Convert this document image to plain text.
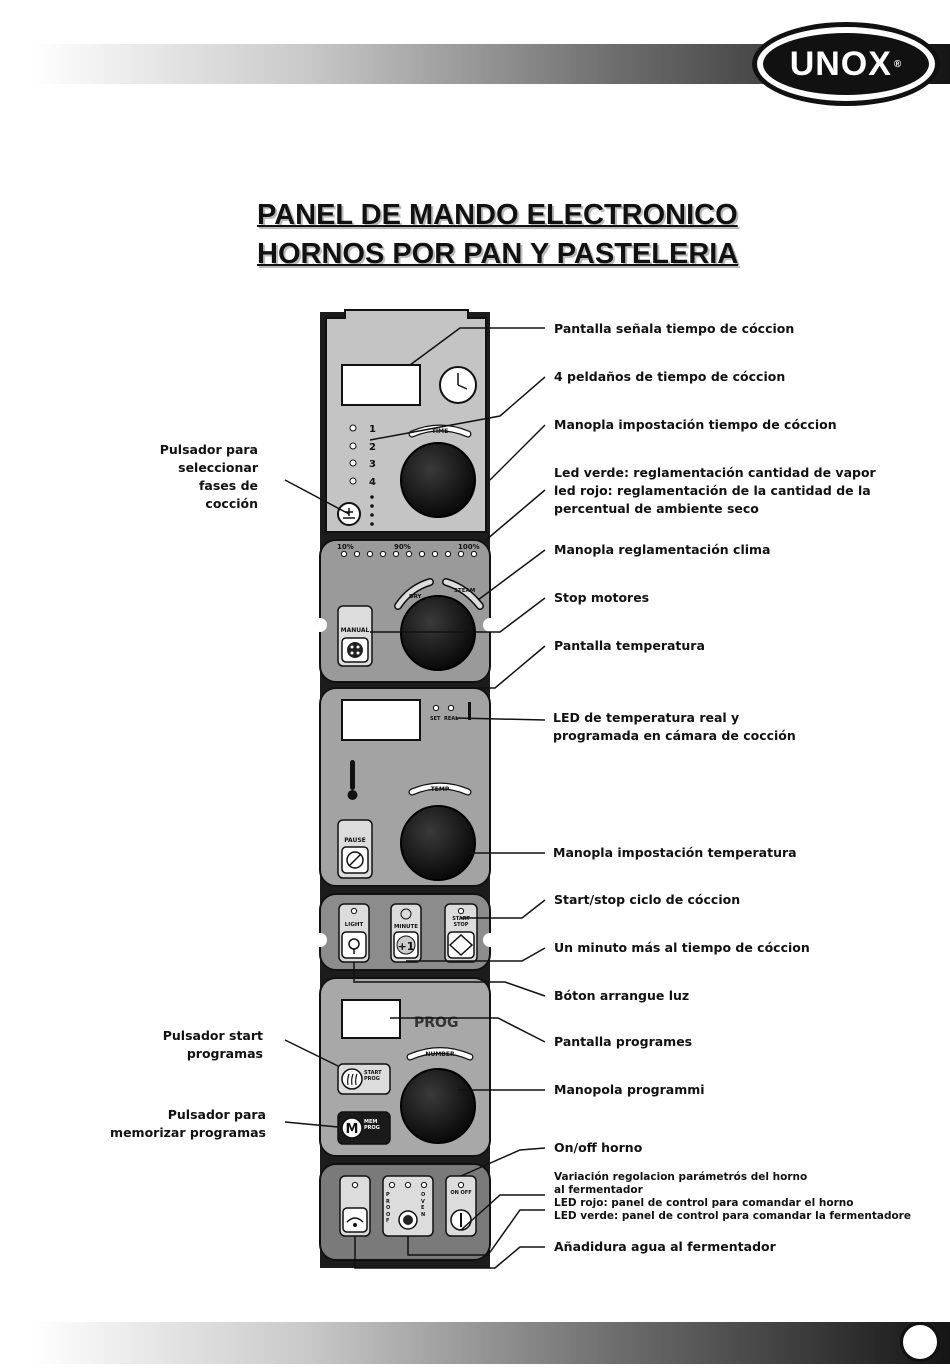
UNOX ®
PANEL DE MANDO ELECTRONICO
HORNOS POR PAN Y PASTELERIA
1
2
3
4
TIME
10%	90%	100%
DRY
STEAM
MANUAL
SET REAL
TEMP
PAUSE
LIGHT	MINUTE
+1
START STOP
PROG
NUMBER
START PROG
M MEM PROG
PROOF
OVEN
ON OFF
Pantalla señala tiempo de cóccion
4 peldaños de tiempo de cóccion
Manopla impostación tiempo de cóccion
Led verde: reglamentación cantidad de vapor
led rojo: reglamentación de la cantidad de la
percentual de ambiente seco
Manopla reglamentación clima
Stop motores
Pantalla temperatura
LED de temperatura real y
programada en cámara de cocción
Manopla impostación temperatura
Start/stop ciclo de cóccion
Un minuto más al tiempo de cóccion
Bóton arrangue luz
Pantalla programes
Manopola programmi
On/off horno
Variación regolacion parámetrós del horno
al fermentador
LED rojo: panel de control para comandar el horno
LED verde: panel de control para comandar la fermentadore
Añadidura agua al fermentador
Pulsador para
seleccionar
fases de
cocción
Pulsador start
programas
Pulsador para
memorizar programas
